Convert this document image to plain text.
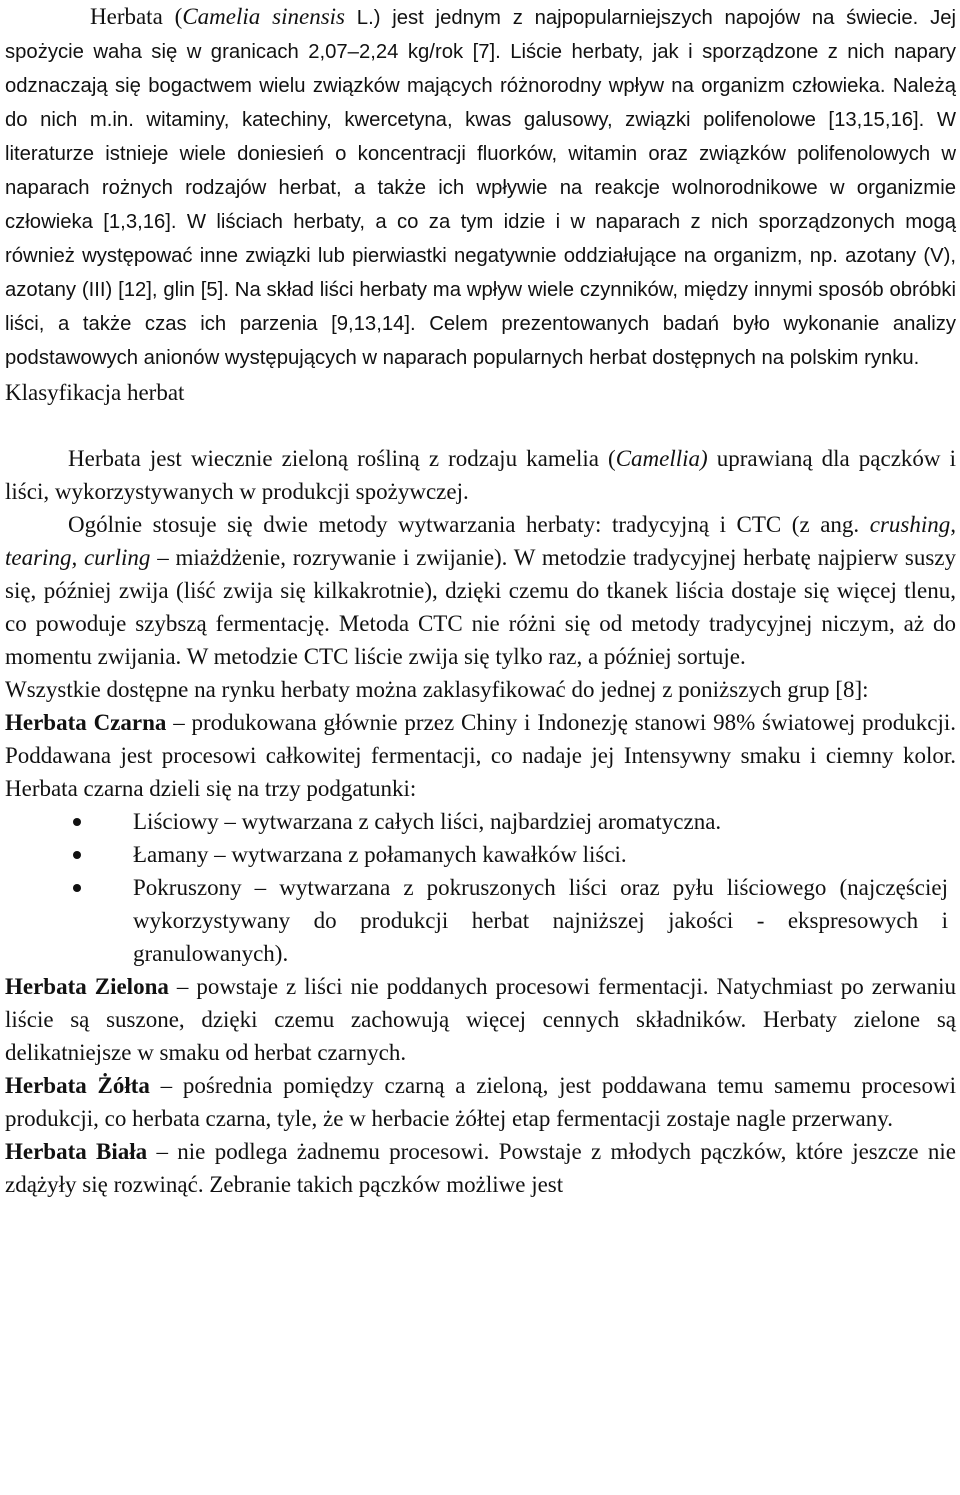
Herbata (Camelia sinensis L.) jest jednym z najpopularniejszych napojów na świecie. Jej spożycie waha się w granicach 2,07–2,24 kg/rok [7]. Liście herbaty, jak i sporządzone z nich napary odznaczają się bogactwem wielu związków mających różnorodny wpływ na organizm człowieka. Należą do nich m.in. witaminy, katechiny, kwercetyna, kwas galusowy, związki polifenolowe [13,15,16]. W literaturze istnieje wiele doniesień o koncentracji fluorków, witamin oraz związków polifenolowych w naparach rożnych rodzajów herbat, a także ich wpływie na reakcje wolnorodnikowe w organizmie człowieka [1,3,16]. W liściach herbaty, a co za tym idzie i w naparach z nich sporządzonych mogą również występować inne związki lub pierwiastki negatywnie oddziałujące na organizm, np. azotany (V), azotany (III) [12], glin [5]. Na skład liści herbaty ma wpływ wiele czynników, między innymi sposób obróbki liści, a także czas ich parzenia [9,13,14]. Celem prezentowanych badań było wykonanie analizy podstawowych anionów występujących w naparach popularnych herbat dostępnych na polskim rynku.

Klasyfikacja herbat

Herbata jest wiecznie zieloną rośliną z rodzaju kamelia (Camellia) uprawianą dla pączków i liści, wykorzystywanych w produkcji spożywczej.

Ogólnie stosuje się dwie metody wytwarzania herbaty: tradycyjną i CTC (z ang. crushing, tearing, curling – miażdżenie, rozrywanie i zwijanie). W metodzie tradycyjnej herbatę najpierw suszy się, później zwija (liść zwija się kilkakrotnie), dzięki czemu do tkanek liścia dostaje się więcej tlenu, co powoduje szybszą fermentację. Metoda CTC nie różni się od metody tradycyjnej niczym, aż do momentu zwijania. W metodzie CTC liście zwija się tylko raz, a później sortuje.

Wszystkie dostępne na rynku herbaty można zaklasyfikować do jednej z poniższych grup [8]:

Herbata Czarna – produkowana głównie przez Chiny i Indonezję stanowi 98% światowej produkcji. Poddawana jest procesowi całkowitej fermentacji, co nadaje jej Intensywny smaku i ciemny kolor. Herbata czarna dzieli się na trzy podgatunki:

Liściowy – wytwarzana z całych liści, najbardziej aromatyczna.
Łamany – wytwarzana z połamanych kawałków liści.
Pokruszony – wytwarzana z pokruszonych liści oraz pyłu liściowego (najczęściej wykorzystywany do produkcji herbat najniższej jakości - ekspresowych i granulowanych).

Herbata Zielona – powstaje z liści nie poddanych procesowi fermentacji. Natychmiast po zerwaniu liście są suszone, dzięki czemu zachowują więcej cennych składników. Herbaty zielone są delikatniejsze w smaku od herbat czarnych.

Herbata Żółta – pośrednia pomiędzy czarną a zieloną, jest poddawana temu samemu procesowi produkcji, co herbata czarna, tyle, że w herbacie żółtej etap fermentacji zostaje nagle przerwany.

Herbata Biała – nie podlega żadnemu procesowi. Powstaje z młodych pączków, które jeszcze nie zdążyły się rozwinąć. Zebranie takich pączków możliwe jest
